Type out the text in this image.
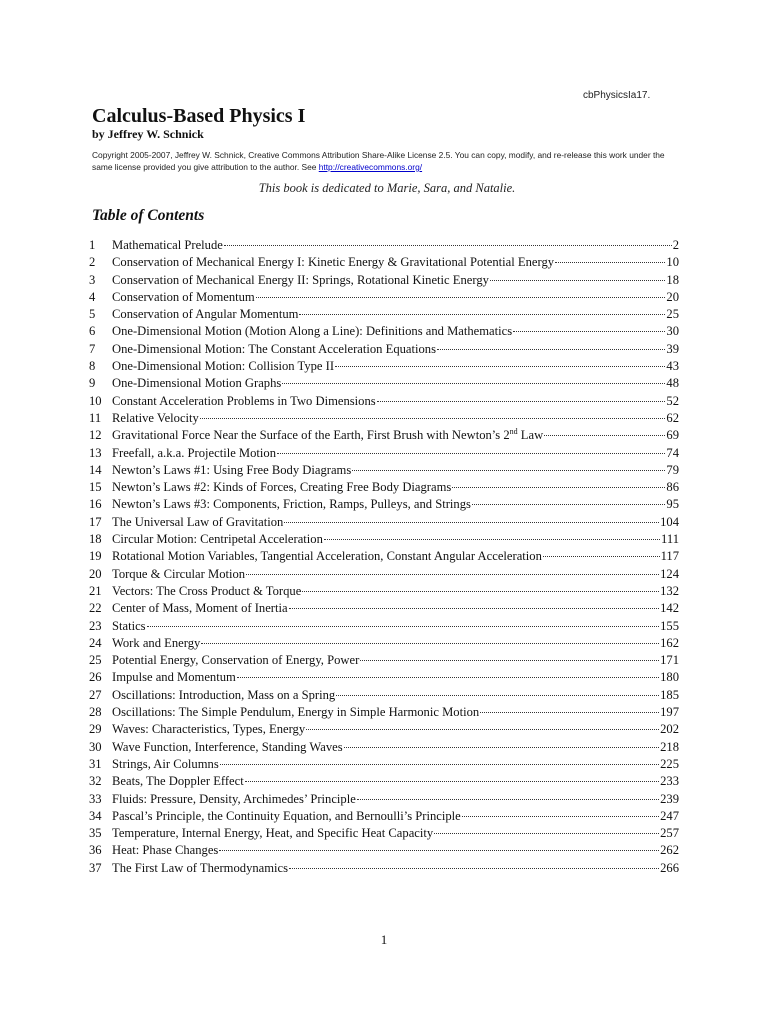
cbPhysicsIa17.
Calculus-Based Physics I
by Jeffrey W. Schnick
Copyright 2005-2007, Jeffrey W. Schnick, Creative Commons Attribution Share-Alike License 2.5. You can copy, modify, and re-release this work under the same license provided you give attribution to the author. See http://creativecommons.org/
This book is dedicated to Marie, Sara, and Natalie.
Table of Contents
1	Mathematical Prelude	2
2	Conservation of Mechanical Energy I: Kinetic Energy & Gravitational Potential Energy	10
3	Conservation of Mechanical Energy II: Springs, Rotational Kinetic Energy	18
4	Conservation of Momentum	20
5	Conservation of Angular Momentum	25
6	One-Dimensional Motion (Motion Along a Line): Definitions and Mathematics	30
7	One-Dimensional Motion: The Constant Acceleration Equations	39
8	One-Dimensional Motion: Collision Type II	43
9	One-Dimensional Motion Graphs	48
10 Constant Acceleration Problems in Two Dimensions	52
11 Relative Velocity	62
12 Gravitational Force Near the Surface of the Earth, First Brush with Newton’s 2nd Law	69
13 Freefall, a.k.a. Projectile Motion	74
14 Newton’s Laws #1: Using Free Body Diagrams	79
15 Newton’s Laws #2: Kinds of Forces, Creating Free Body Diagrams	86
16 Newton’s Laws #3: Components, Friction, Ramps, Pulleys, and Strings	95
17 The Universal Law of Gravitation	104
18 Circular Motion: Centripetal Acceleration	111
19 Rotational Motion Variables, Tangential Acceleration, Constant Angular Acceleration	117
20 Torque & Circular Motion	124
21 Vectors: The Cross Product & Torque	132
22 Center of Mass, Moment of Inertia	142
23 Statics	155
24 Work and Energy	162
25 Potential Energy, Conservation of Energy, Power	171
26 Impulse and Momentum	180
27 Oscillations: Introduction, Mass on a Spring	185
28 Oscillations: The Simple Pendulum, Energy in Simple Harmonic Motion	197
29 Waves: Characteristics, Types, Energy	202
30 Wave Function, Interference, Standing Waves	218
31 Strings, Air Columns	225
32 Beats, The Doppler Effect	233
33 Fluids: Pressure, Density, Archimedes’ Principle	239
34 Pascal’s Principle, the Continuity Equation, and Bernoulli’s Principle	247
35 Temperature, Internal Energy, Heat, and Specific Heat Capacity	257
36 Heat: Phase Changes	262
37 The First Law of Thermodynamics	266
1
